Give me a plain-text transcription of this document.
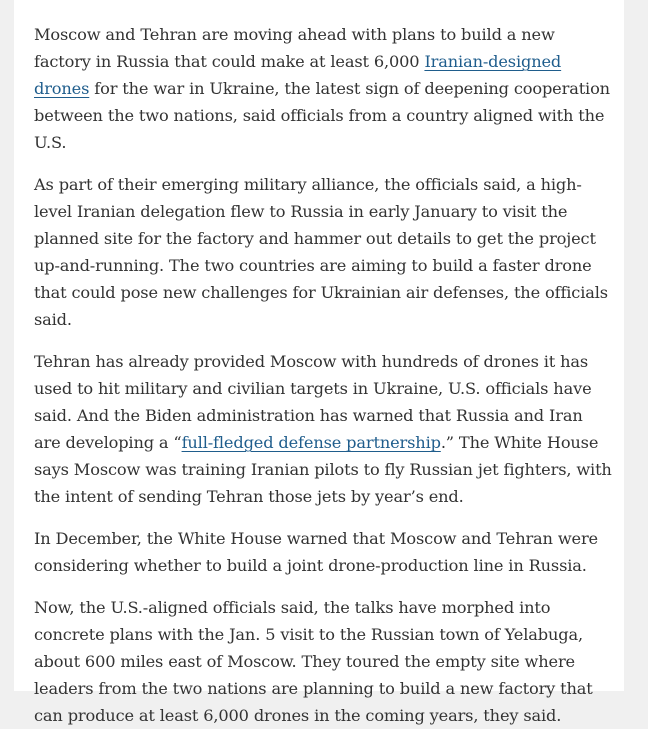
Moscow and Tehran are moving ahead with plans to build a new factory in Russia that could make at least 6,000 Iranian-designed drones for the war in Ukraine, the latest sign of deepening cooperation between the two nations, said officials from a country aligned with the U.S.

As part of their emerging military alliance, the officials said, a high-level Iranian delegation flew to Russia in early January to visit the planned site for the factory and hammer out details to get the project up-and-running. The two countries are aiming to build a faster drone that could pose new challenges for Ukrainian air defenses, the officials said.

Tehran has already provided Moscow with hundreds of drones it has used to hit military and civilian targets in Ukraine, U.S. officials have said. And the Biden administration has warned that Russia and Iran are developing a “full-fledged defense partnership.” The White House says Moscow was training Iranian pilots to fly Russian jet fighters, with the intent of sending Tehran those jets by year’s end.

In December, the White House warned that Moscow and Tehran were considering whether to build a joint drone-production line in Russia.

Now, the U.S.-aligned officials said, the talks have morphed into concrete plans with the Jan. 5 visit to the Russian town of Yelabuga, about 600 miles east of Moscow. They toured the empty site where leaders from the two nations are planning to build a new factory that can produce at least 6,000 drones in the coming years, they said.
